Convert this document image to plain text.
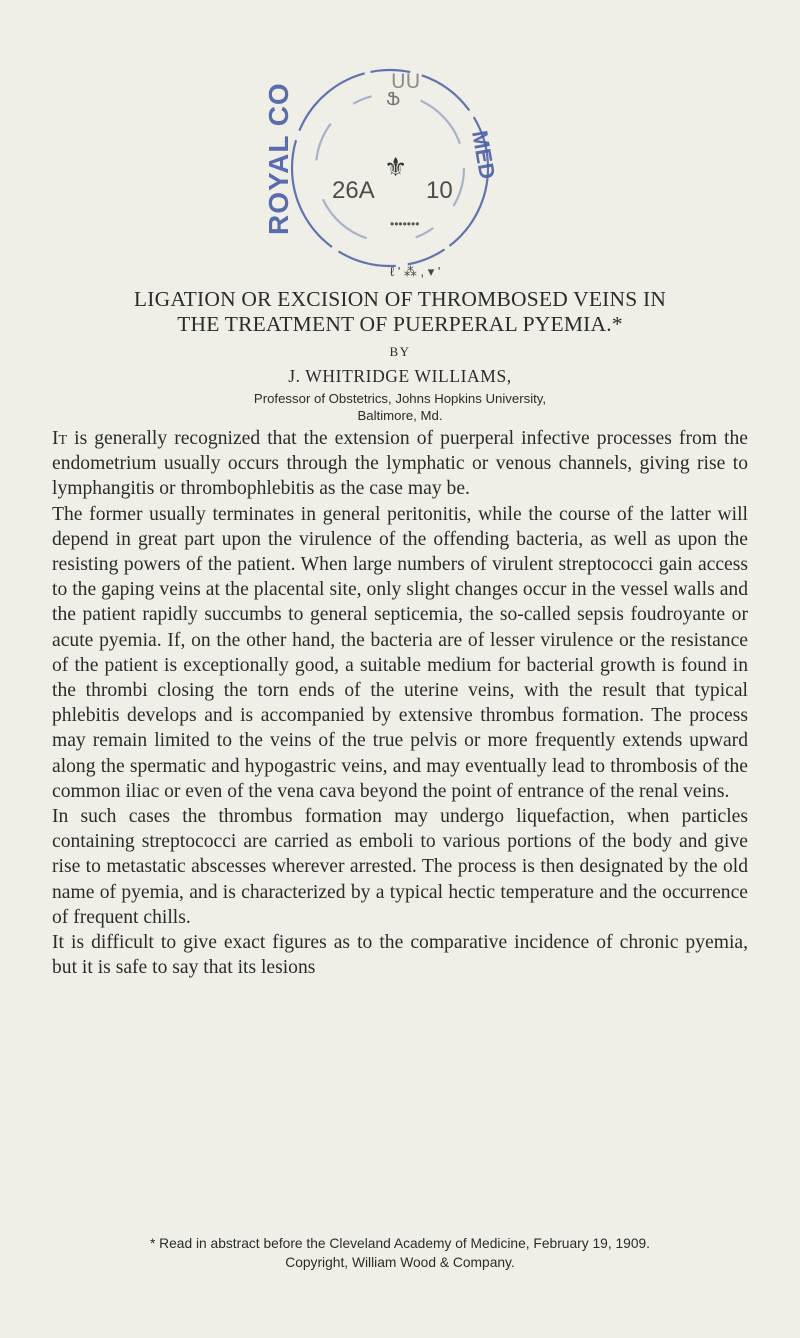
ROYAL CO	MED
Ֆ
ᑌᑌ
26A 10
⚜
•••••••
ℓ ' ⁂ , ▾ '
LIGATION OR EXCISION OF THROMBOSED VEINS IN
THE TREATMENT OF PUERPERAL PYEMIA.*
BY
J. WHITRIDGE WILLIAMS,
Professor of Obstetrics, Johns Hopkins University,
Baltimore, Md.

It is generally recognized that the extension of puerperal infective processes from the endometrium usually occurs through the lymphatic or venous channels, giving rise to lymphangitis or thrombophlebitis as the case may be.

The former usually terminates in general peritonitis, while the course of the latter will depend in great part upon the virulence of the offending bacteria, as well as upon the resisting powers of the patient. When large numbers of virulent streptococci gain access to the gaping veins at the placental site, only slight changes occur in the vessel walls and the patient rapidly succumbs to general septicemia, the so-called sepsis foudroyante or acute pyemia. If, on the other hand, the bacteria are of lesser virulence or the resistance of the patient is exceptionally good, a suitable medium for bacterial growth is found in the thrombi closing the torn ends of the uterine veins, with the result that typical phlebitis develops and is accompanied by extensive thrombus formation. The process may remain limited to the veins of the true pelvis or more frequently extends upward along the spermatic and hypogastric veins, and may eventually lead to thrombosis of the common iliac or even of the vena cava beyond the point of entrance of the renal veins.

In such cases the thrombus formation may undergo liquefaction, when particles containing streptococci are carried as emboli to various portions of the body and give rise to metastatic abscesses wherever arrested. The process is then designated by the old name of pyemia, and is characterized by a typical hectic temperature and the occurrence of frequent chills.

It is difficult to give exact figures as to the comparative incidence of chronic pyemia, but it is safe to say that its lesions

* Read in abstract before the Cleveland Academy of Medicine, February 19, 1909.
Copyright, William Wood & Company.
